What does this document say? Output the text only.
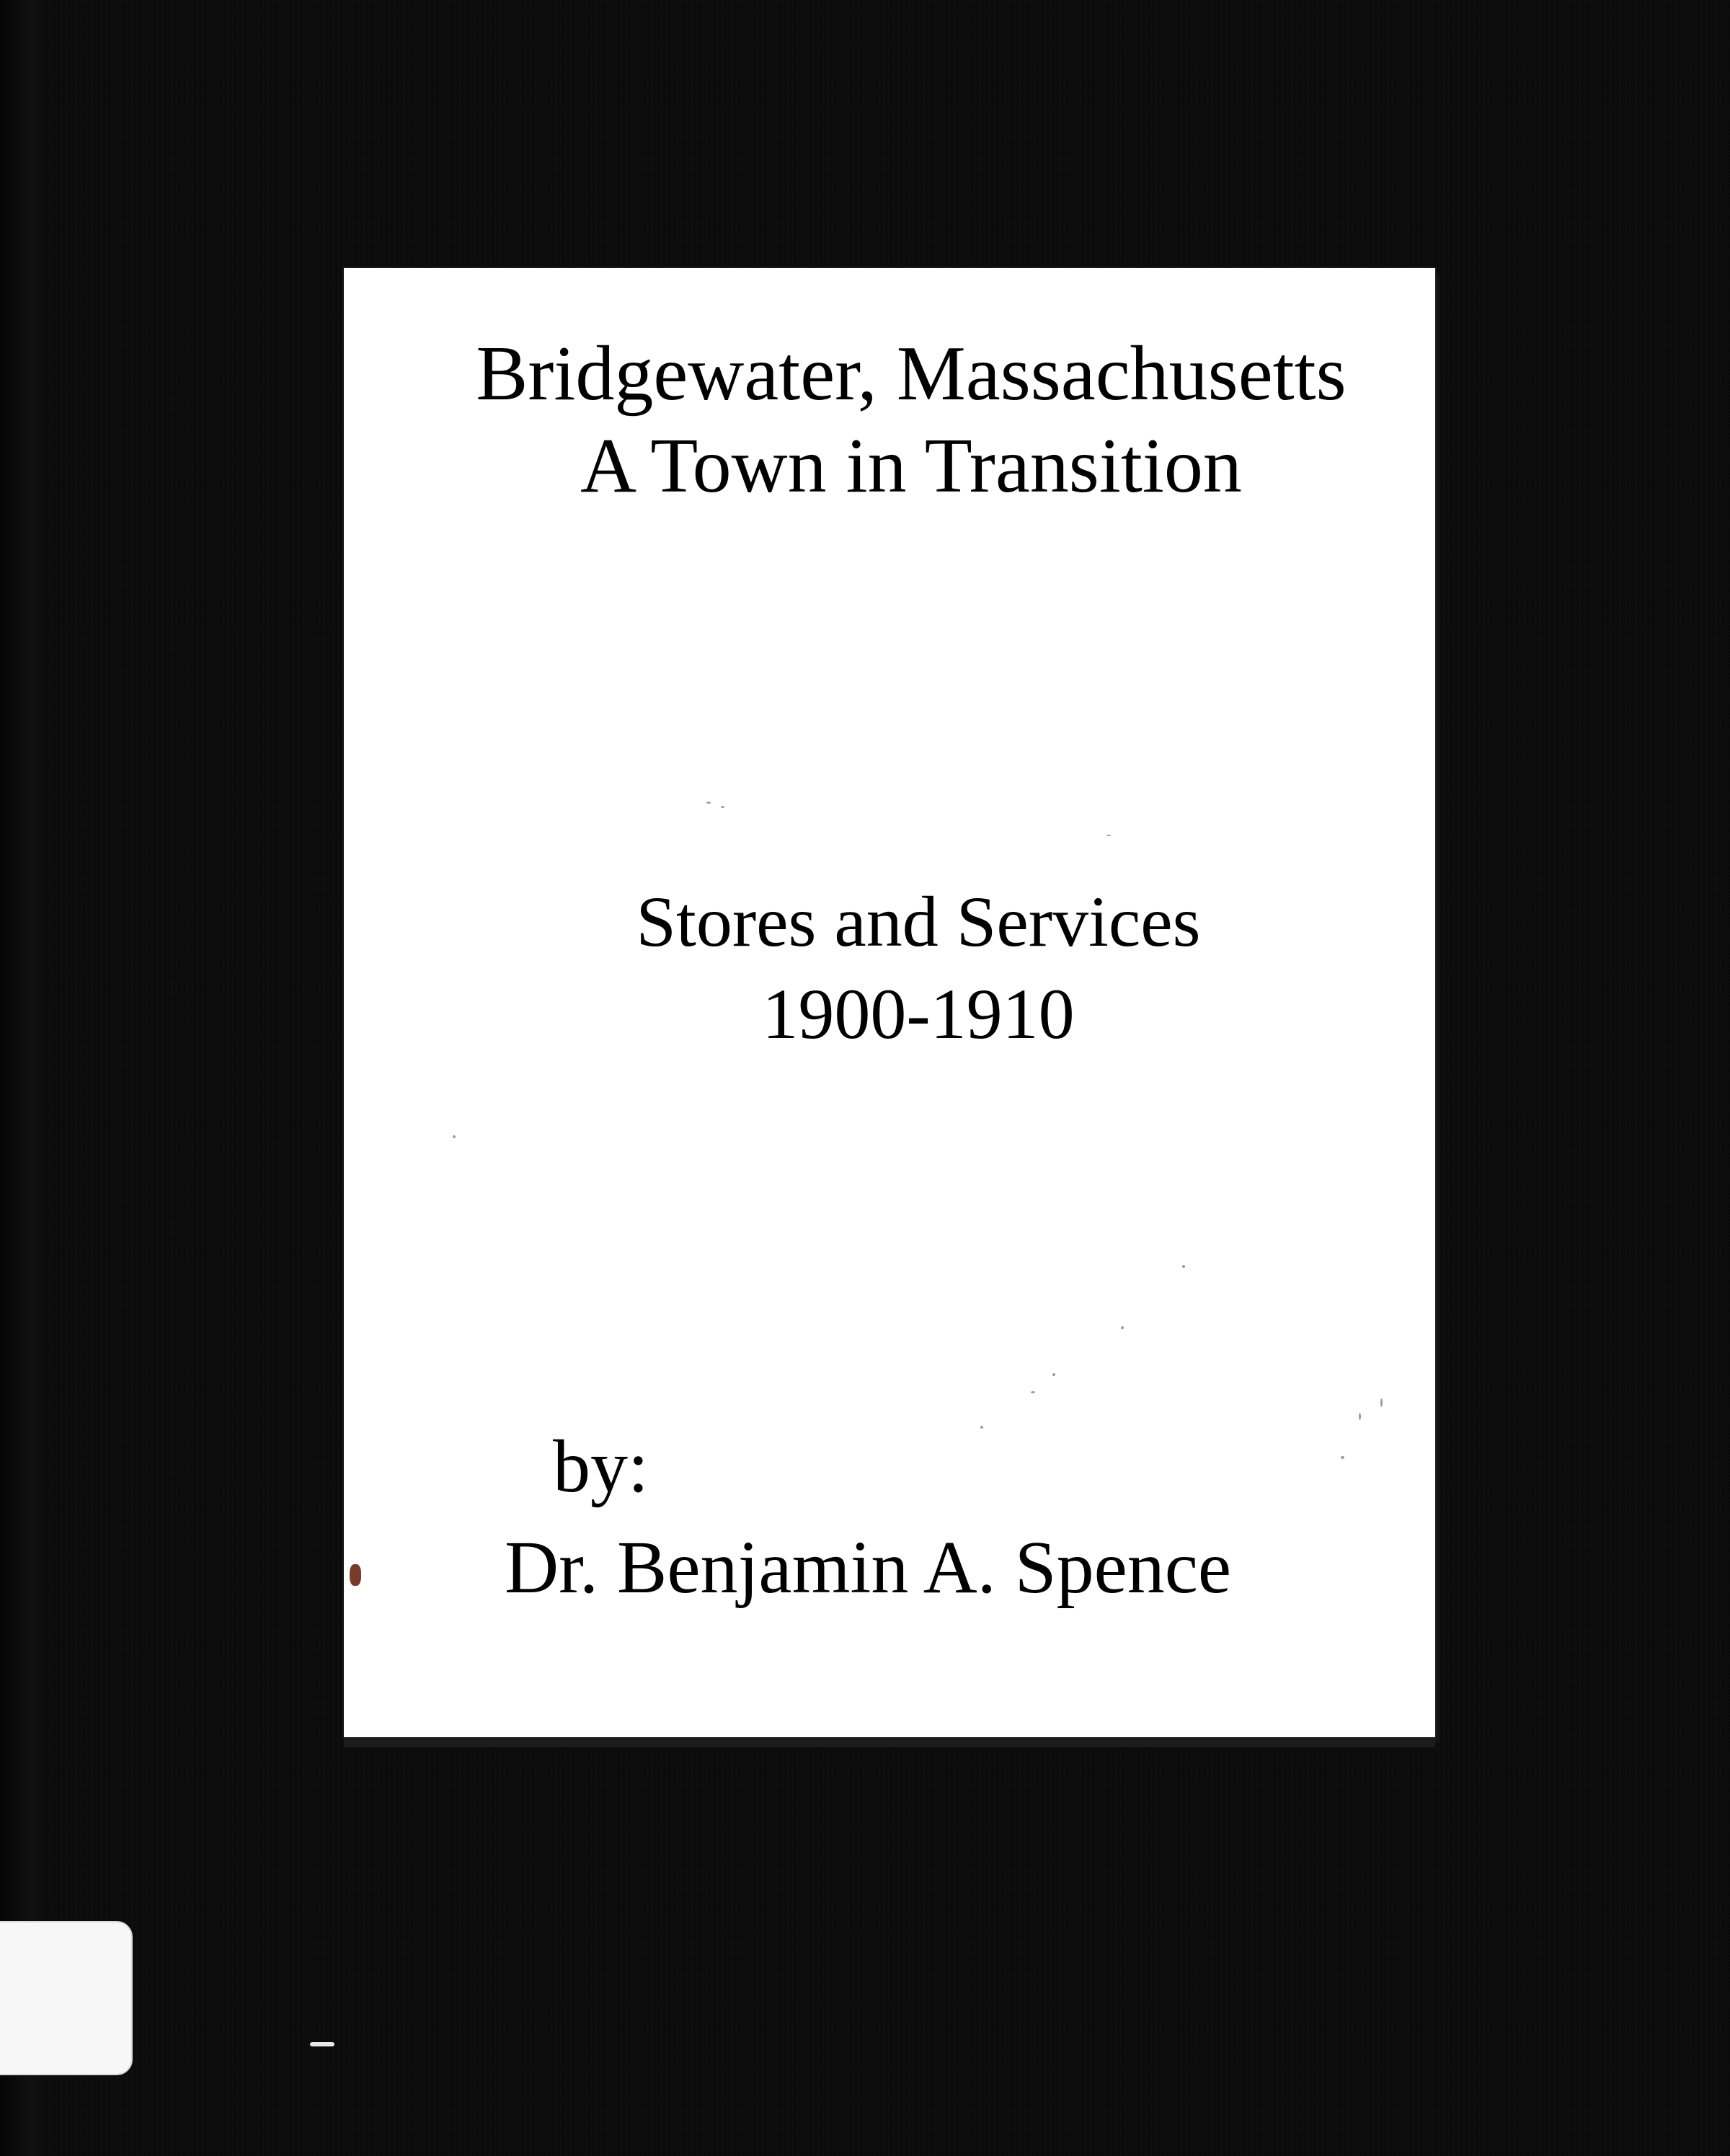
Bridgewater, Massachusetts
A Town in Transition
Stores and Services
1900-1910
by:
Dr. Benjamin A. Spence
